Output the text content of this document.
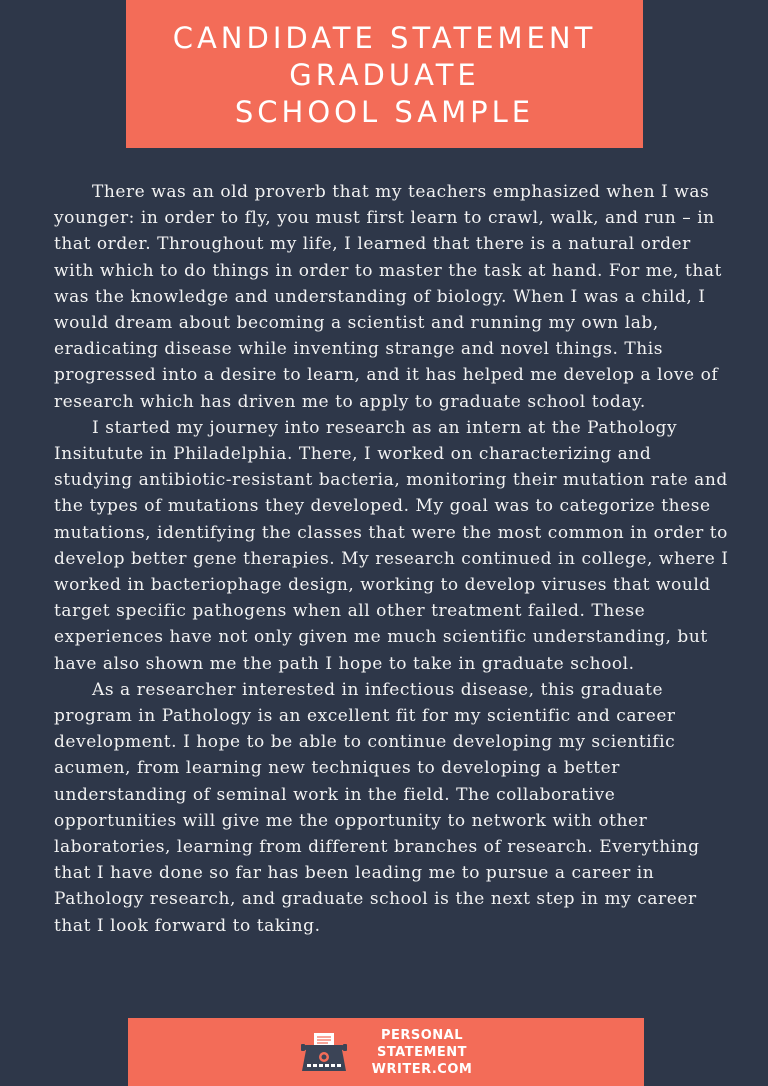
CANDIDATE STATEMENT
GRADUATE
SCHOOL SAMPLE

There was an old proverb that my teachers emphasized when I was younger: in order to fly, you must first learn to crawl, walk, and run – in that order. Throughout my life, I learned that there is a natural order with which to do things in order to master the task at hand. For me, that was the knowledge and understanding of biology. When I was a child, I would dream about becoming a scientist and running my own lab, eradicating disease while inventing strange and novel things. This progressed into a desire to learn, and it has helped me develop a love of research which has driven me to apply to graduate school today.

I started my journey into research as an intern at the Pathology Insitutute in Philadelphia. There, I worked on characterizing and studying antibiotic-resistant bacteria, monitoring their mutation rate and the types of mutations they developed. My goal was to categorize these mutations, identifying the classes that were the most common in order to develop better gene therapies. My research continued in college, where I worked in bacteriophage design, working to develop viruses that would target specific pathogens when all other treatment failed. These experiences have not only given me much scientific understanding, but have also shown me the path I hope to take in graduate school.

As a researcher interested in infectious disease, this graduate program in Pathology is an excellent fit for my scientific and career development. I hope to be able to continue developing my scientific acumen, from learning new techniques to developing a better understanding of seminal work in the field. The collaborative opportunities will give me the opportunity to network with other laboratories, learning from different branches of research. Everything that I have done so far has been leading me to pursue a career in Pathology research, and graduate school is the next step in my career that I look forward to taking.

PERSONAL
STATEMENT
WRITER.COM
